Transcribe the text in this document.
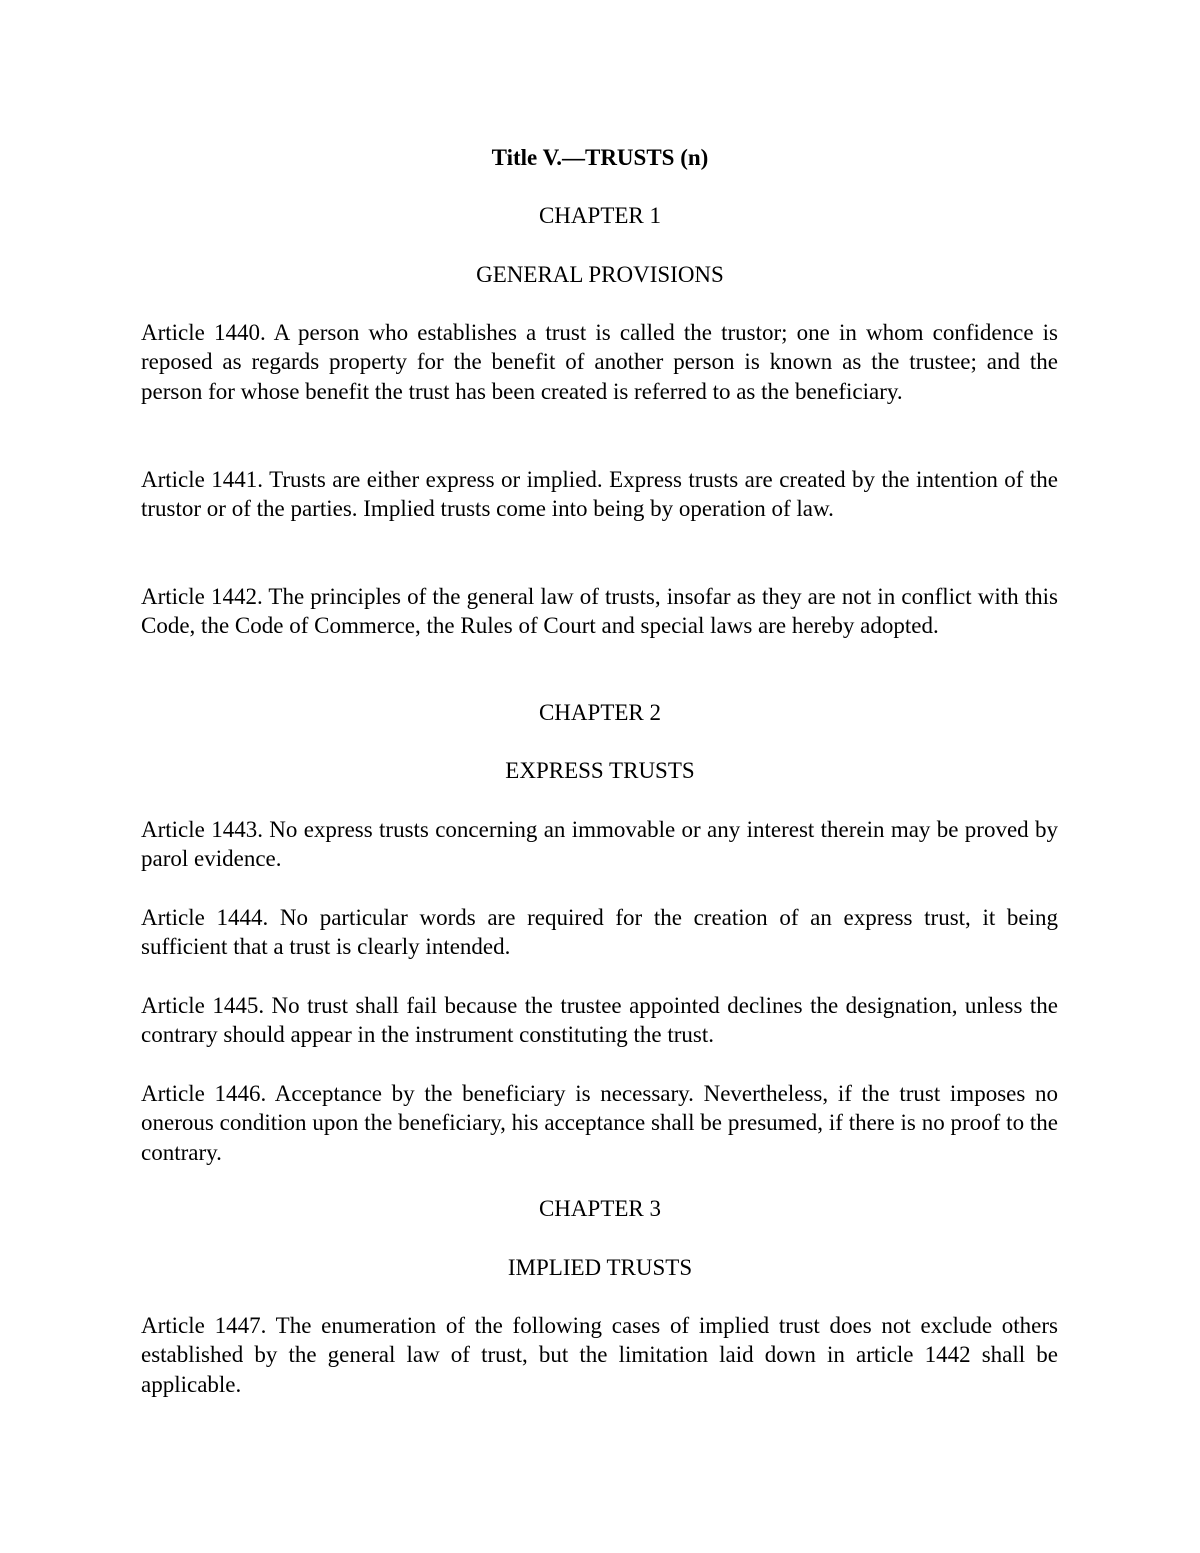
Title V.—TRUSTS (n)

CHAPTER 1

GENERAL PROVISIONS

Article 1440. A person who establishes a trust is called the trustor; one in whom confidence is reposed as regards property for the benefit of another person is known as the trustee; and the person for whose benefit the trust has been created is referred to as the beneficiary.

Article 1441. Trusts are either express or implied. Express trusts are created by the intention of the trustor or of the parties. Implied trusts come into being by operation of law.

Article 1442. The principles of the general law of trusts, insofar as they are not in conflict with this Code, the Code of Commerce, the Rules of Court and special laws are hereby adopted.

CHAPTER 2

EXPRESS TRUSTS

Article 1443. No express trusts concerning an immovable or any interest therein may be proved by parol evidence.

Article 1444. No particular words are required for the creation of an express trust, it being sufficient that a trust is clearly intended.

Article 1445. No trust shall fail because the trustee appointed declines the designation, unless the contrary should appear in the instrument constituting the trust.

Article 1446. Acceptance by the beneficiary is necessary. Nevertheless, if the trust imposes no onerous condition upon the beneficiary, his acceptance shall be presumed, if there is no proof to the contrary.

CHAPTER 3

IMPLIED TRUSTS

Article 1447. The enumeration of the following cases of implied trust does not exclude others established by the general law of trust, but the limitation laid down in article 1442 shall be applicable.
